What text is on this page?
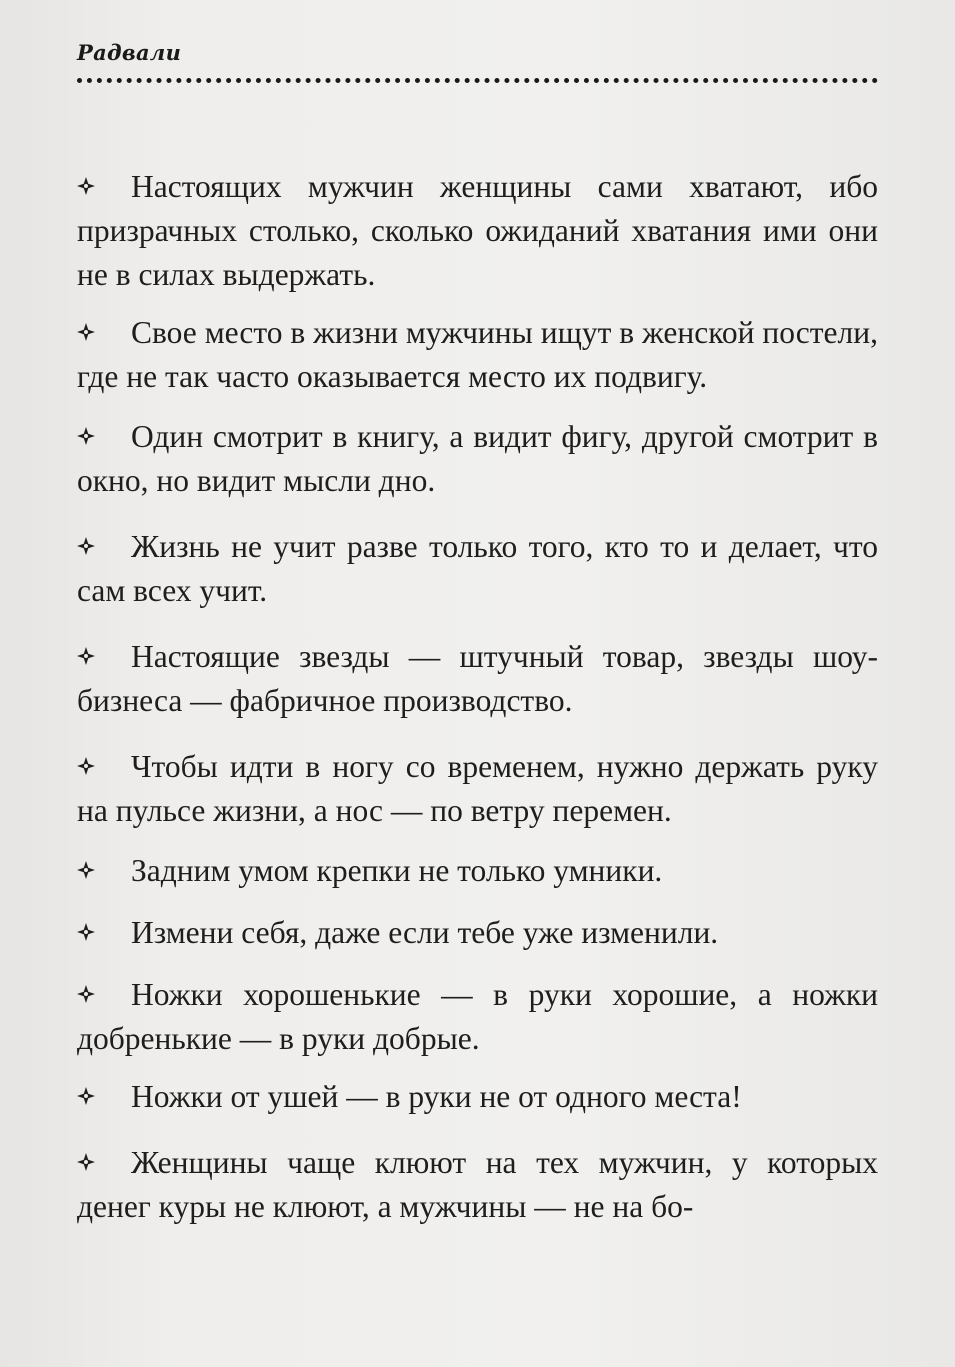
Радвали

Настоящих мужчин женщины сами хватают, ибо призрачных столько, сколько ожиданий хватания ими они не в силах выдержать.

Свое место в жизни мужчины ищут в женской постели, где не так часто оказывается место их подвигу.

Один смотрит в книгу, а видит фигу, другой смотрит в окно, но видит мысли дно.

Жизнь не учит разве только того, кто то и делает, что сам всех учит.

Настоящие звезды — штучный товар, звезды шоу-бизнеса — фабричное производство.

Чтобы идти в ногу со временем, нужно держать руку на пульсе жизни, а нос — по ветру перемен.

Задним умом крепки не только умники.

Измени себя, даже если тебе уже изменили.

Ножки хорошенькие — в руки хорошие, а ножки добренькие — в руки добрые.

Ножки от ушей — в руки не от одного места!

Женщины чаще клюют на тех мужчин, у которых денег куры не клюют, а мужчины — не на бо-
